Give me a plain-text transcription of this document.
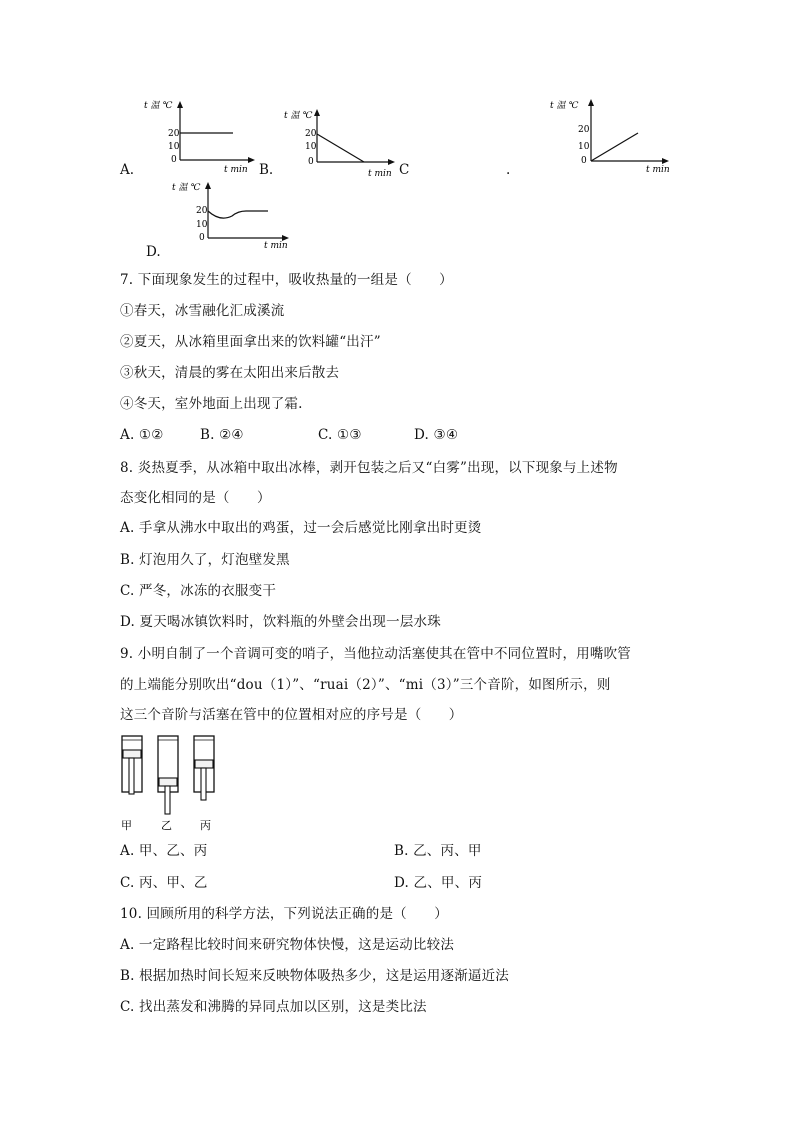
t 温 ℃
20
10
0
t min
A.
t 温 ℃
20
10
0
t min
B.	C	.
t 温 ℃
20
10
0
t min
t 温 ℃
20
10
0
t min
D.
7. 下面现象发生的过程中，吸收热量的一组是（　　）
①春天，冰雪融化汇成溪流
②夏天，从冰箱里面拿出来的饮料罐“出汗”
③秋天，清晨的雾在太阳出来后散去
④冬天，室外地面上出现了霜.
A. ①②	B. ②④	C. ①③	D. ③④
8. 炎热夏季，从冰箱中取出冰棒，剥开包装之后又“白雾”出现，以下现象与上述物
态变化相同的是（　　）
A. 手拿从沸水中取出的鸡蛋，过一会后感觉比刚拿出时更烫
B. 灯泡用久了，灯泡壁发黑
C. 严冬，冰冻的衣服变干
D. 夏天喝冰镇饮料时，饮料瓶的外壁会出现一层水珠
9. 小明自制了一个音调可变的哨子，当他拉动活塞使其在管中不同位置时，用嘴吹管
的上端能分别吹出“dou（1）”、“ruai（2）”、“mi（3）”三个音阶，如图所示，则
这三个音阶与活塞在管中的位置相对应的序号是（　　）
甲	乙	丙
A. 甲、乙、丙	B. 乙、丙、甲
C. 丙、甲、乙	D. 乙、甲、丙
10. 回顾所用的科学方法，下列说法正确的是（　　）
A. 一定路程比较时间来研究物体快慢，这是运动比较法
B. 根据加热时间长短来反映物体吸热多少，这是运用逐渐逼近法
C. 找出蒸发和沸腾的异同点加以区别，这是类比法
